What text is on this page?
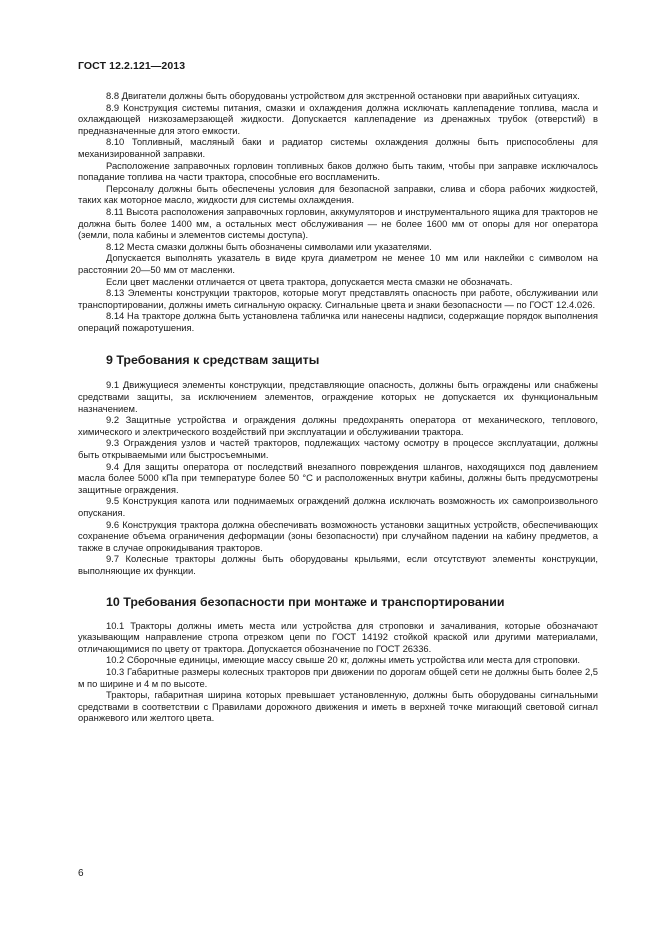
ГОСТ 12.2.121—2013

8.8 Двигатели должны быть оборудованы устройством для экстренной остановки при аварийных ситуациях.

8.9 Конструкция системы питания, смазки и охлаждения должна исключать каплепадение топлива, масла и охлаждающей низкозамерзающей жидкости. Допускается каплепадение из дренажных трубок (отверстий) в предназначенные для этого емкости.

8.10 Топливный, масляный баки и радиатор системы охлаждения должны быть приспособлены для механизированной заправки.

Расположение заправочных горловин топливных баков должно быть таким, чтобы при заправке исключалось попадание топлива на части трактора, способные его воспламенить.

Персоналу должны быть обеспечены условия для безопасной заправки, слива и сбора рабочих жидкостей, таких как моторное масло, жидкости для системы охлаждения.

8.11 Высота расположения заправочных горловин, аккумуляторов и инструментального ящика для тракторов не должна быть более 1400 мм, а остальных мест обслуживания — не более 1600 мм от опоры для ног оператора (земли, пола кабины и элементов системы доступа).

8.12 Места смазки должны быть обозначены символами или указателями.

Допускается выполнять указатель в виде круга диаметром не менее 10 мм или наклейки с символом на расстоянии 20—50 мм от масленки.

Если цвет масленки отличается от цвета трактора, допускается места смазки не обозначать.

8.13 Элементы конструкции тракторов, которые могут представлять опасность при работе, обслуживании или транспортировании, должны иметь сигнальную окраску. Сигнальные цвета и знаки безопасности — по ГОСТ 12.4.026.

8.14 На тракторе должна быть установлена табличка или нанесены надписи, содержащие порядок выполнения операций пожаротушения.

9 Требования к средствам защиты

9.1 Движущиеся элементы конструкции, представляющие опасность, должны быть ограждены или снабжены средствами защиты, за исключением элементов, ограждение которых не допускается их функциональным назначением.

9.2 Защитные устройства и ограждения должны предохранять оператора от механического, теплового, химического и электрического воздействий при эксплуатации и обслуживании трактора.

9.3 Ограждения узлов и частей тракторов, подлежащих частому осмотру в процессе эксплуатации, должны быть открываемыми или быстросъемными.

9.4 Для защиты оператора от последствий внезапного повреждения шлангов, находящихся под давлением масла более 5000 кПа при температуре более 50 °С и расположенных внутри кабины, должны быть предусмотрены защитные ограждения.

9.5 Конструкция капота или поднимаемых ограждений должна исключать возможность их самопроизвольного опускания.

9.6 Конструкция трактора должна обеспечивать возможность установки защитных устройств, обеспечивающих сохранение объема ограничения деформации (зоны безопасности) при случайном падении на кабину предметов, а также в случае опрокидывания тракторов.

9.7 Колесные тракторы должны быть оборудованы крыльями, если отсутствуют элементы конструкции, выполняющие их функции.

10 Требования безопасности при монтаже и транспортировании

10.1 Тракторы должны иметь места или устройства для строповки и зачаливания, которые обозначают указывающим направление стропа отрезком цепи по ГОСТ 14192 стойкой краской или другими материалами, отличающимися по цвету от трактора. Допускается обозначение по ГОСТ 26336.

10.2 Сборочные единицы, имеющие массу свыше 20 кг, должны иметь устройства или места для строповки.

10.3 Габаритные размеры колесных тракторов при движении по дорогам общей сети не должны быть более 2,5 м по ширине и 4 м по высоте.

Тракторы, габаритная ширина которых превышает установленную, должны быть оборудованы сигнальными средствами в соответствии с Правилами дорожного движения и иметь в верхней точке мигающий световой сигнал оранжевого или желтого цвета.

6
